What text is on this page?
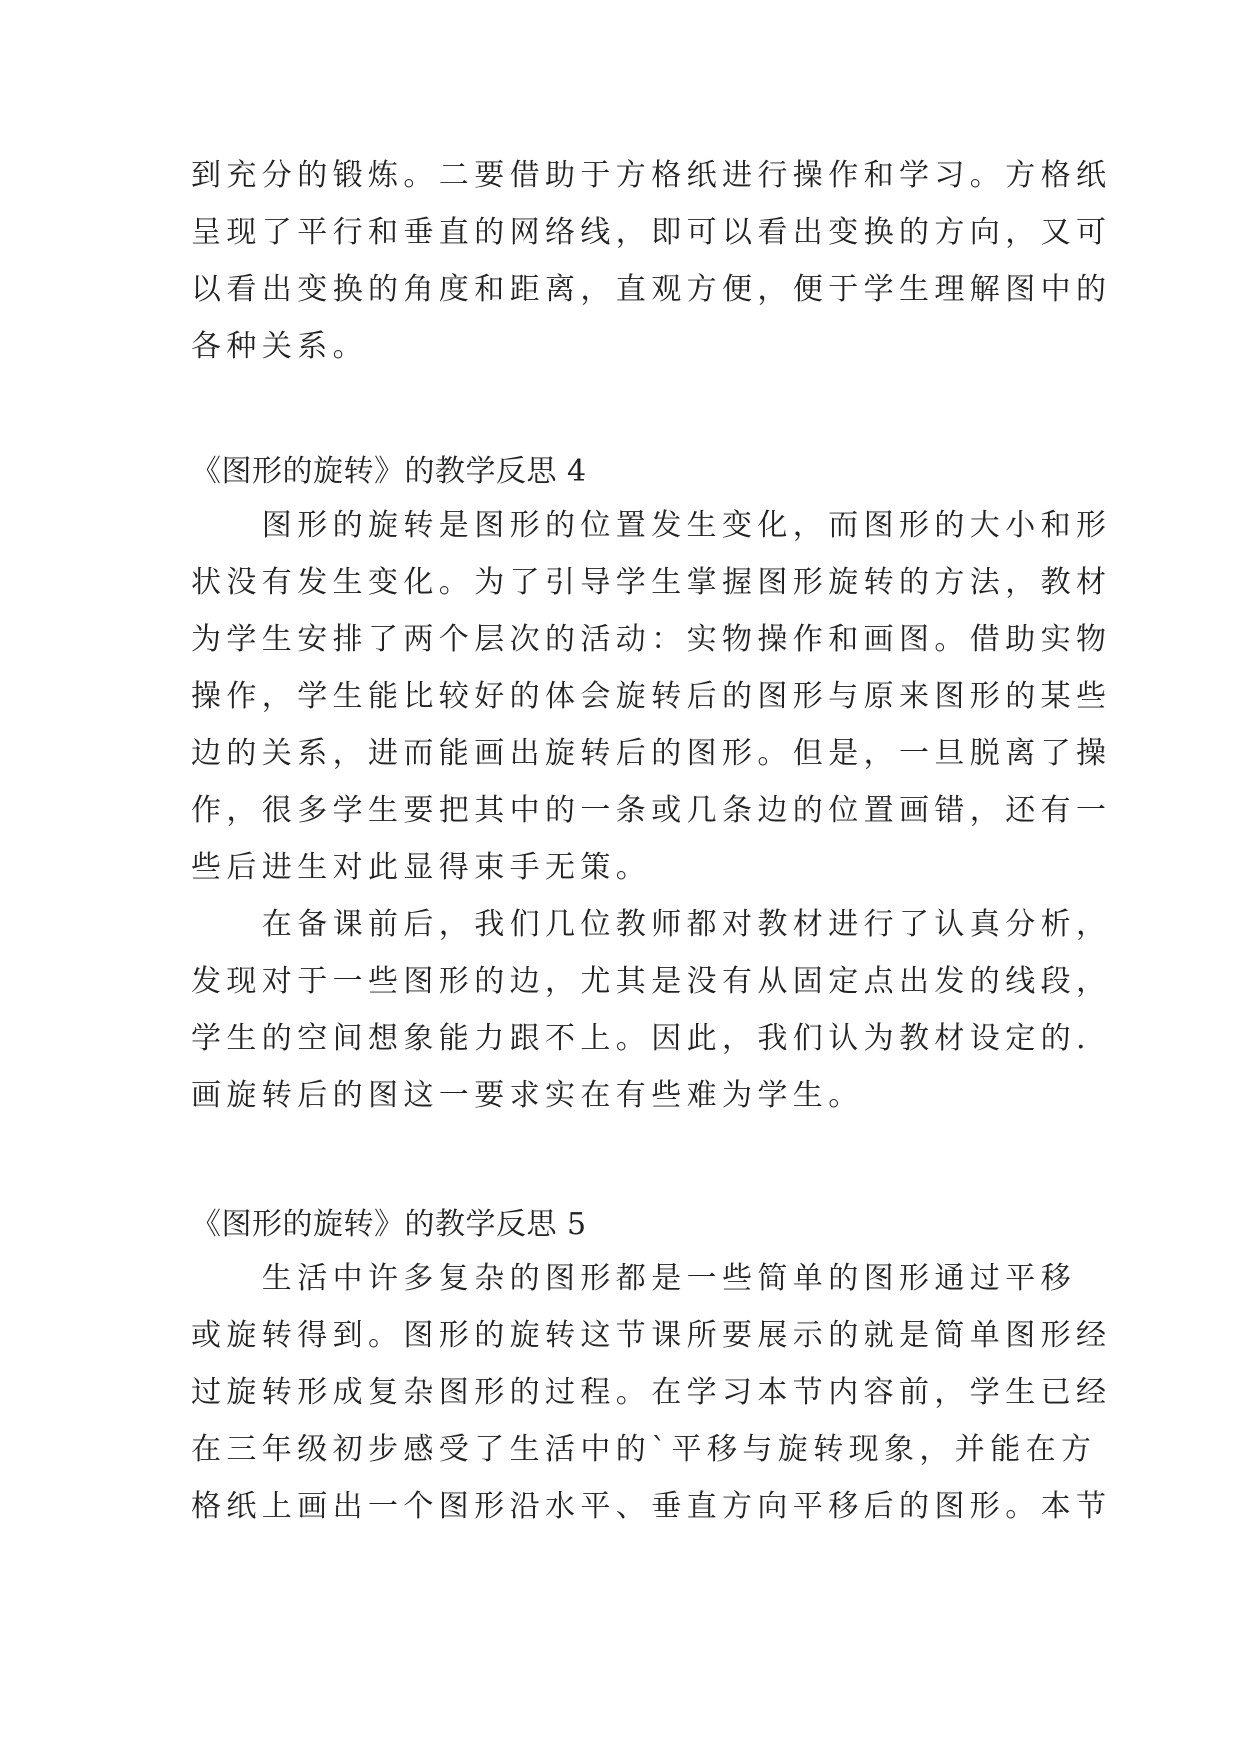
到充分的锻炼。二要借助于方格纸进行操作和学习。方格纸
呈现了平行和垂直的网络线，即可以看出变换的方向，又可
以看出变换的角度和距离，直观方便，便于学生理解图中的
各种关系。
《图形的旋转》的教学反思 4
　　图形的旋转是图形的位置发生变化，而图形的大小和形
状没有发生变化。为了引导学生掌握图形旋转的方法，教材
为学生安排了两个层次的活动：实物操作和画图。借助实物
操作，学生能比较好的体会旋转后的图形与原来图形的某些
边的关系，进而能画出旋转后的图形。但是，一旦脱离了操
作，很多学生要把其中的一条或几条边的位置画错，还有一
些后进生对此显得束手无策。
　　在备课前后，我们几位教师都对教材进行了认真分析，
发现对于一些图形的边，尤其是没有从固定点出发的线段，
学生的空间想象能力跟不上。因此，我们认为教材设定的.
画旋转后的图这一要求实在有些难为学生。
《图形的旋转》的教学反思 5
　　生活中许多复杂的图形都是一些简单的图形通过平移
或旋转得到。图形的旋转这节课所要展示的就是简单图形经
过旋转形成复杂图形的过程。在学习本节内容前，学生已经
在三年级初步感受了生活中的`平移与旋转现象，并能在方
格纸上画出一个图形沿水平、垂直方向平移后的图形。本节
